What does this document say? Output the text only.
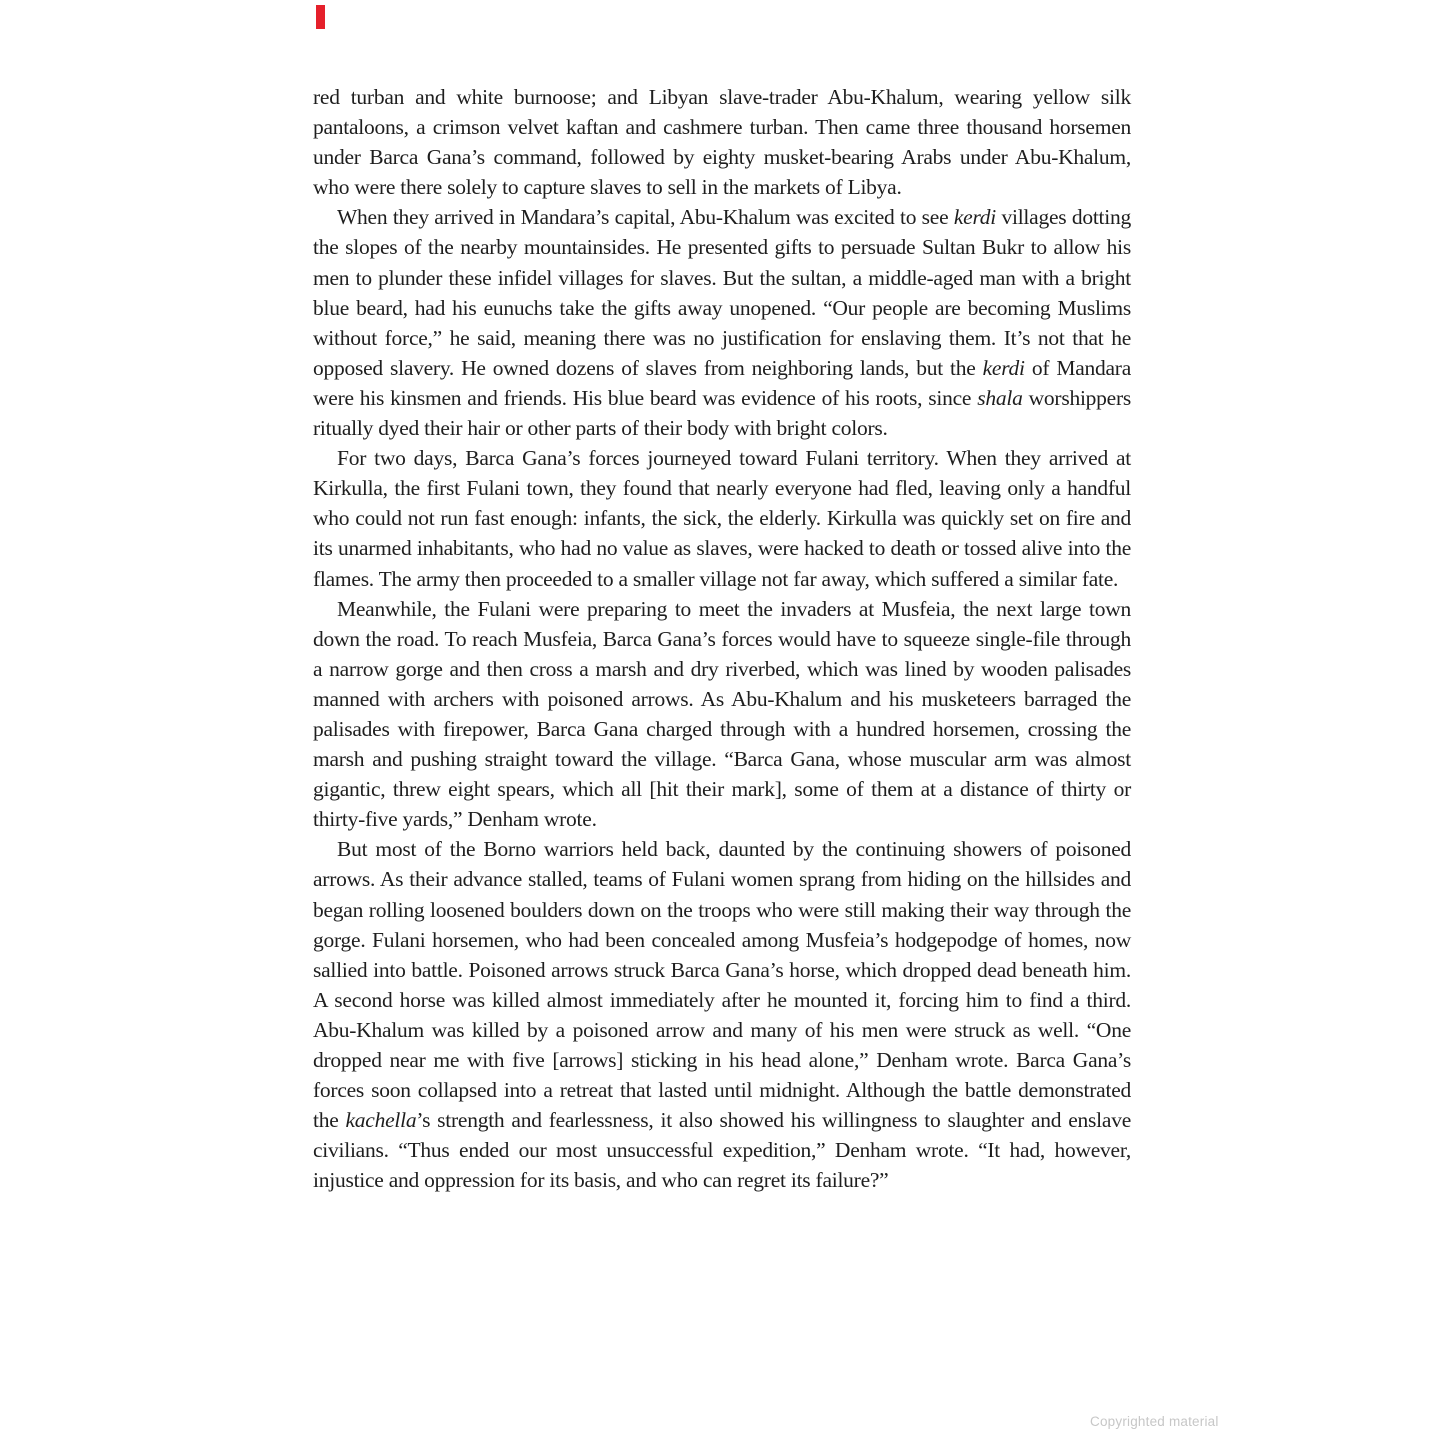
red turban and white burnoose; and Libyan slave-trader Abu-Khalum, wearing yellow silk pantaloons, a crimson velvet kaftan and cashmere turban. Then came three thousand horsemen under Barca Gana’s command, followed by eighty musket-bearing Arabs under Abu-Khalum, who were there solely to capture slaves to sell in the markets of Libya.

When they arrived in Mandara’s capital, Abu-Khalum was excited to see kerdi villages dotting the slopes of the nearby mountainsides. He presented gifts to persuade Sultan Bukr to allow his men to plunder these infidel villages for slaves. But the sultan, a middle-aged man with a bright blue beard, had his eunuchs take the gifts away unopened. “Our people are becoming Muslims without force,” he said, meaning there was no justification for enslaving them. It’s not that he opposed slavery. He owned dozens of slaves from neighboring lands, but the kerdi of Mandara were his kinsmen and friends. His blue beard was evidence of his roots, since shala worshippers ritually dyed their hair or other parts of their body with bright colors.

For two days, Barca Gana’s forces journeyed toward Fulani territory. When they arrived at Kirkulla, the first Fulani town, they found that nearly everyone had fled, leaving only a handful who could not run fast enough: infants, the sick, the elderly. Kirkulla was quickly set on fire and its unarmed inhabitants, who had no value as slaves, were hacked to death or tossed alive into the flames. The army then proceeded to a smaller village not far away, which suffered a similar fate.

Meanwhile, the Fulani were preparing to meet the invaders at Musfeia, the next large town down the road. To reach Musfeia, Barca Gana’s forces would have to squeeze single-file through a narrow gorge and then cross a marsh and dry riverbed, which was lined by wooden palisades manned with archers with poisoned arrows. As Abu-Khalum and his musketeers barraged the palisades with firepower, Barca Gana charged through with a hundred horsemen, crossing the marsh and pushing straight toward the village. “Barca Gana, whose muscular arm was almost gigantic, threw eight spears, which all [hit their mark], some of them at a distance of thirty or thirty-five yards,” Denham wrote.

But most of the Borno warriors held back, daunted by the continuing showers of poisoned arrows. As their advance stalled, teams of Fulani women sprang from hiding on the hillsides and began rolling loosened boulders down on the troops who were still making their way through the gorge. Fulani horsemen, who had been concealed among Musfeia’s hodgepodge of homes, now sallied into battle. Poisoned arrows struck Barca Gana’s horse, which dropped dead beneath him. A second horse was killed almost immediately after he mounted it, forcing him to find a third. Abu-Khalum was killed by a poisoned arrow and many of his men were struck as well. “One dropped near me with five [arrows] sticking in his head alone,” Denham wrote. Barca Gana’s forces soon collapsed into a retreat that lasted until midnight. Although the battle demonstrated the kachella’s strength and fearlessness, it also showed his willingness to slaughter and enslave civilians. “Thus ended our most unsuccessful expedition,” Denham wrote. “It had, however, injustice and oppression for its basis, and who can regret its failure?”

Copyrighted material
